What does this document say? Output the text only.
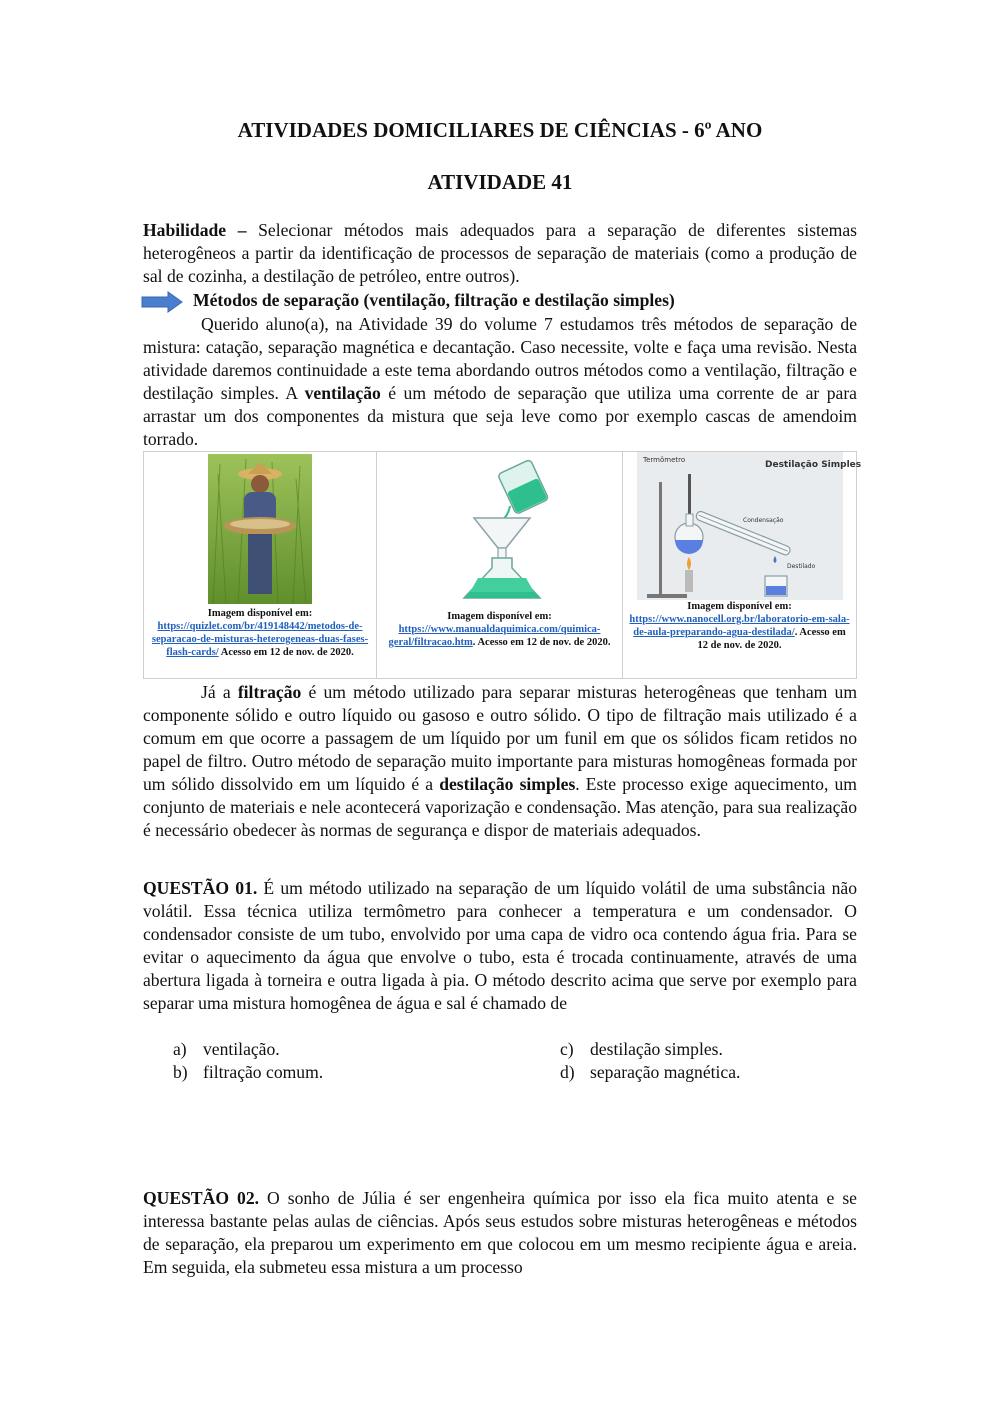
ATIVIDADES DOMICILIARES DE CIÊNCIAS - 6º ANO
ATIVIDADE 41
Habilidade – Selecionar métodos mais adequados para a separação de diferentes sistemas heterogêneos a partir da identificação de processos de separação de materiais (como a produção de sal de cozinha, a destilação de petróleo, entre outros).
Métodos de separação (ventilação, filtração e destilação simples)
Querido aluno(a), na Atividade 39 do volume 7 estudamos três métodos de separação de mistura: catação, separação magnética e decantação. Caso necessite, volte e faça uma revisão. Nesta atividade daremos continuidade a este tema abordando outros métodos como a ventilação, filtração e destilação simples. A ventilação é um método de separação que utiliza uma corrente de ar para arrastar um dos componentes da mistura que seja leve como por exemplo cascas de amendoim torrado.
Imagem disponível em:
https://quizlet.com/br/419148442/metodos-de-separacao-de-misturas-heterogeneas-duas-fases-flash-cards/ Acesso em 12 de nov. de 2020.
Imagem disponível em:
https://www.manualdaquimica.com/quimica-geral/filtracao.htm. Acesso em 12 de nov. de 2020.
Termômetro	Destilação Simples
Condensação
Destilado
Imagem disponível em:
https://www.nanocell.org.br/laboratorio-em-sala-de-aula-preparando-agua-destilada/. Acesso em 12 de nov. de 2020.
Já a filtração é um método utilizado para separar misturas heterogêneas que tenham um componente sólido e outro líquido ou gasoso e outro sólido. O tipo de filtração mais utilizado é a comum em que ocorre a passagem de um líquido por um funil em que os sólidos ficam retidos no papel de filtro. Outro método de separação muito importante para misturas homogêneas formada por um sólido dissolvido em um líquido é a destilação simples. Este processo exige aquecimento, um conjunto de materiais e nele acontecerá vaporização e condensação. Mas atenção, para sua realização é necessário obedecer às normas de segurança e dispor de materiais adequados.
QUESTÃO 01. É um método utilizado na separação de um líquido volátil de uma substância não volátil. Essa técnica utiliza termômetro para conhecer a temperatura e um condensador. O condensador consiste de um tubo, envolvido por uma capa de vidro oca contendo água fria. Para se evitar o aquecimento da água que envolve o tubo, esta é trocada continuamente, através de uma abertura ligada à torneira e outra ligada à pia. O método descrito acima que serve por exemplo para separar uma mistura homogênea de água e sal é chamado de
a) ventilação.
b) filtração comum.
c) destilação simples.
d) separação magnética.
QUESTÃO 02. O sonho de Júlia é ser engenheira química por isso ela fica muito atenta e se interessa bastante pelas aulas de ciências. Após seus estudos sobre misturas heterogêneas e métodos de separação, ela preparou um experimento em que colocou em um mesmo recipiente água e areia. Em seguida, ela submeteu essa mistura a um processo
